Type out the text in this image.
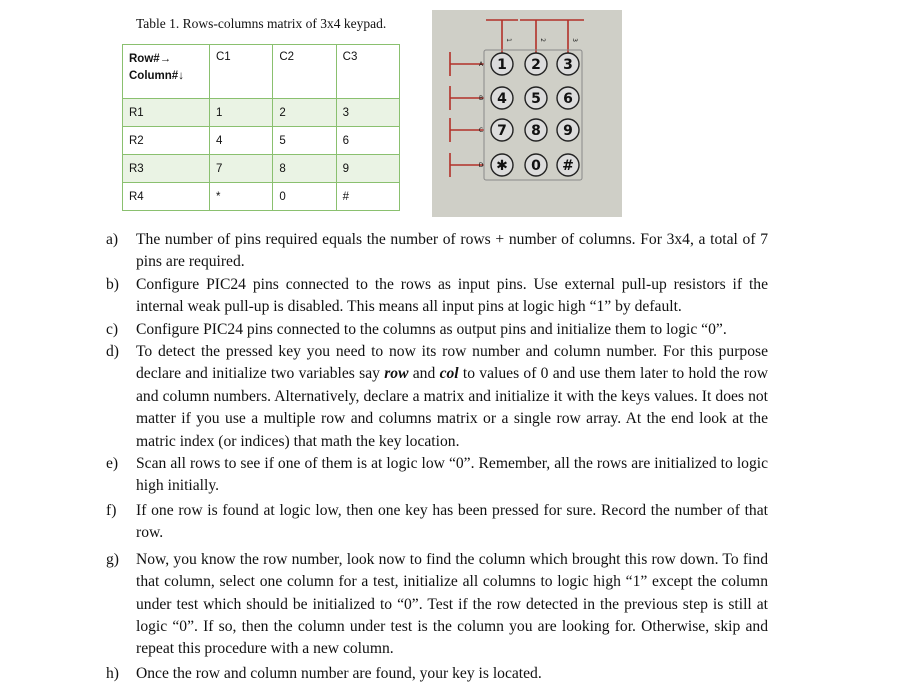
Table 1. Rows-columns matrix of 3x4 keypad.
Row#→
Column#↓	C1	C2	C3
R1	1	2	3
R2	4	5	6
R3	7	8	9
R4	*	0	#
1	2	3
A
B
C
D
1 2 3
4 5 6
7 8 9
✱ 0 #
a) The number of pins required equals the number of rows + number of columns. For 3x4, a total of 7 pins are required.
b) Configure PIC24 pins connected to the rows as input pins. Use external pull-up resistors if the internal weak pull-up is disabled. This means all input pins at logic high “1” by default.
c) Configure PIC24 pins connected to the columns as output pins and initialize them to logic “0”.
d) To detect the pressed key you need to now its row number and column number. For this purpose declare and initialize two variables say row and col to values of 0 and use them later to hold the row and column numbers. Alternatively, declare a matrix and initialize it with the keys values. It does not matter if you use a multiple row and columns matrix or a single row array. At the end look at the matric index (or indices) that math the key location.
e) Scan all rows to see if one of them is at logic low “0”. Remember, all the rows are initialized to logic high initially.
f) If one row is found at logic low, then one key has been pressed for sure. Record the number of that row.
g) Now, you know the row number, look now to find the column which brought this row down. To find that column, select one column for a test, initialize all columns to logic high “1” except the column under test which should be initialized to “0”. Test if the row detected in the previous step is still at logic “0”. If so, then the column under test is the column you are looking for. Otherwise, skip and repeat this procedure with a new column.
h) Once the row and column number are found, your key is located.
